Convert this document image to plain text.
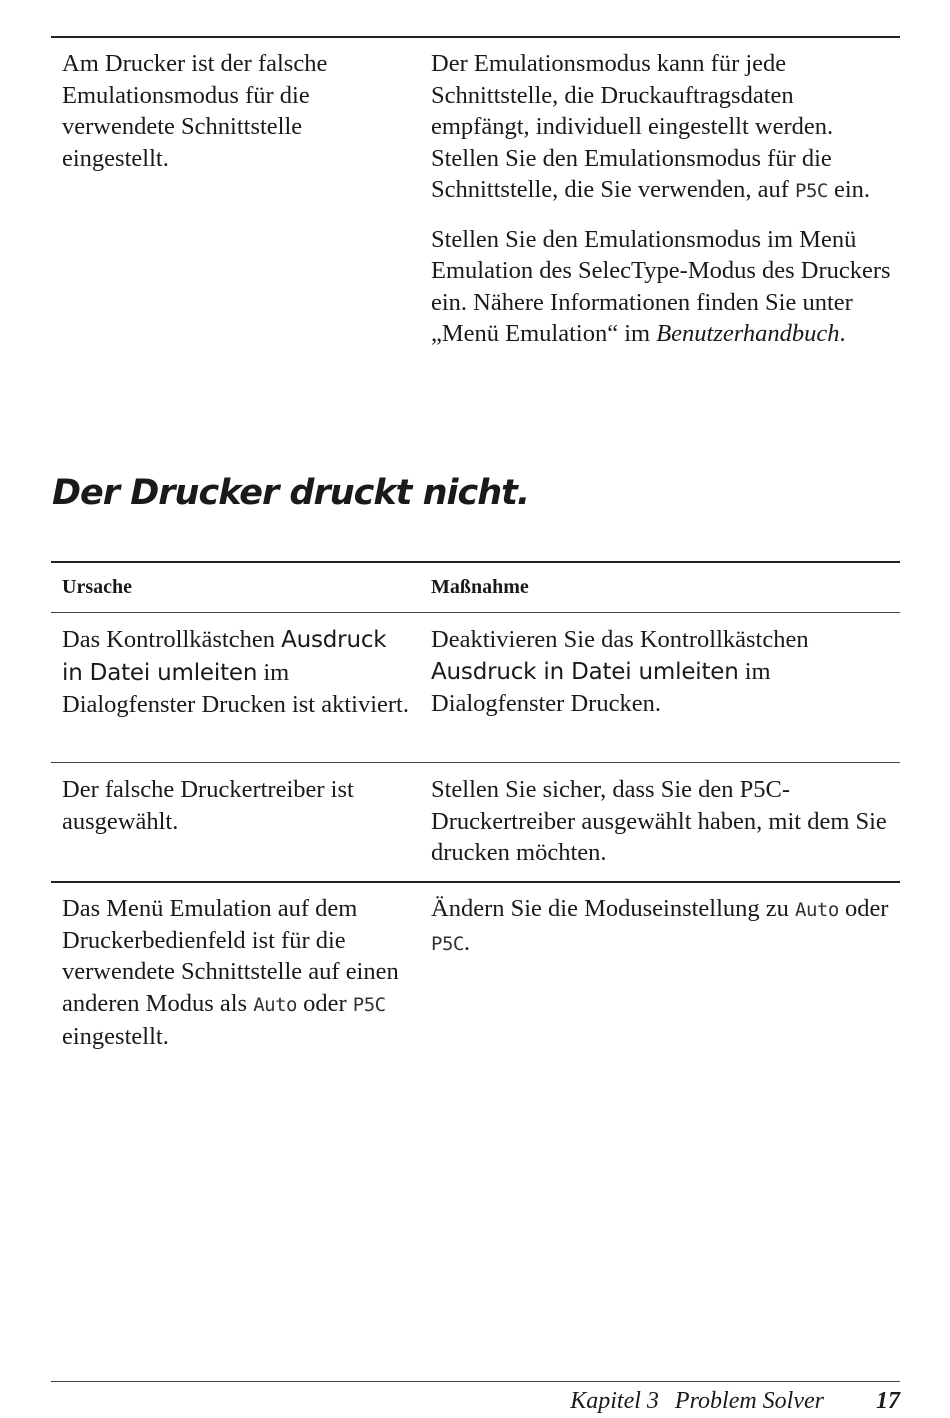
Am Drucker ist der falsche Emulationsmodus für die verwendete Schnittstelle eingestellt.

Der Emulationsmodus kann für jede Schnittstelle, die Druckauftragsdaten empfängt, individuell eingestellt werden. Stellen Sie den Emulationsmodus für die Schnittstelle, die Sie verwenden, auf P5C ein.

Stellen Sie den Emulationsmodus im Menü Emulation des SelecType-Modus des Druckers ein. Nähere Informationen finden Sie unter „Menü Emulation“ im Benutzerhandbuch.

Der Drucker druckt nicht.
Ursache	Maßnahme
Das Kontrollkästchen Ausdruck in Datei umleiten im Dialogfenster Drucken ist aktiviert.
Deaktivieren Sie das Kontrollkästchen Ausdruck in Datei umleiten im Dialogfenster Drucken.
Der falsche Druckertreiber ist ausgewählt.
Stellen Sie sicher, dass Sie den P5C-Druckertreiber ausgewählt haben, mit dem Sie drucken möchten.
Das Menü Emulation auf dem Druckerbedienfeld ist für die verwendete Schnittstelle auf einen anderen Modus als Auto oder P5C eingestellt.
Ändern Sie die Moduseinstellung zu Auto oder P5C.
Kapitel 3 Problem Solver 17
